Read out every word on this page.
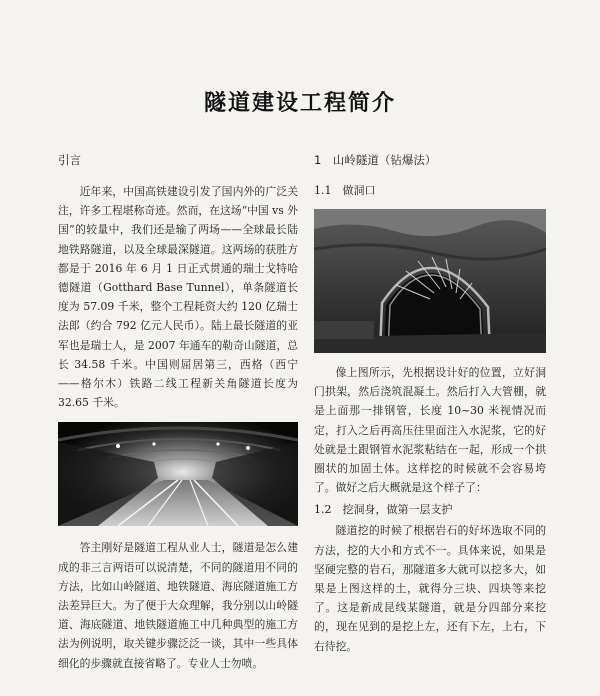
隧道建设工程简介
引言

近年来，中国高铁建设引发了国内外的广泛关注，许多工程堪称奇迹。然而，在这场“中国 vs 外国”的较量中，我们还是输了两场——全球最长陆地铁路隧道，以及全球最深隧道。这两场的获胜方都是于 2016 年 6 月 1 日正式贯通的瑞士戈特哈德隧道（Gotthard Base Tunnel），单条隧道长度为 57.09 千米，整个工程耗资大约 120 亿瑞士法郎（约合 792 亿元人民币）。陆上最长隧道的亚军也是瑞士人，是 2007 年通车的勒奇山隧道，总长 34.58 千米。中国则屈居第三，西格（西宁——格尔木）铁路二线工程新关角隧道长度为 32.65 千米。

答主刚好是隧道工程从业人士，隧道是怎么建成的非三言两语可以说清楚，不同的隧道用不同的方法，比如山岭隧道、地铁隧道、海底隧道施工方法差异巨大。为了便于大众理解，我分别以山岭隧道、海底隧道、地铁隧道施工中几种典型的施工方法为例说明，取关键步骤泛泛一谈，其中一些具体细化的步骤就直接省略了。专业人士勿喷。

1　山岭隧道（钻爆法）
1.1　做洞口

像上图所示，先根据设计好的位置，立好洞门拱架，然后浇筑混凝土。然后打入大管棚，就是上面那一排钢管，长度 10~30 米视情况而定，打入之后再高压往里面注入水泥浆，它的好处就是土跟钢管水泥浆粘结在一起，形成一个拱圈状的加固土体。这样挖的时候就不会容易垮了。做好之后大概就是这个样子了：

1.2　挖洞身，做第一层支护

隧道挖的时候了根据岩石的好坏选取不同的方法，挖的大小和方式不一。具体来说，如果是坚硬完整的岩石，那隧道多大就可以挖多大，如果是上图这样的土，就得分三块、四块等来挖了。这是新成昆线某隧道，就是分四部分来挖的，现在见到的是挖上左，还有下左，上右，下右待挖。
